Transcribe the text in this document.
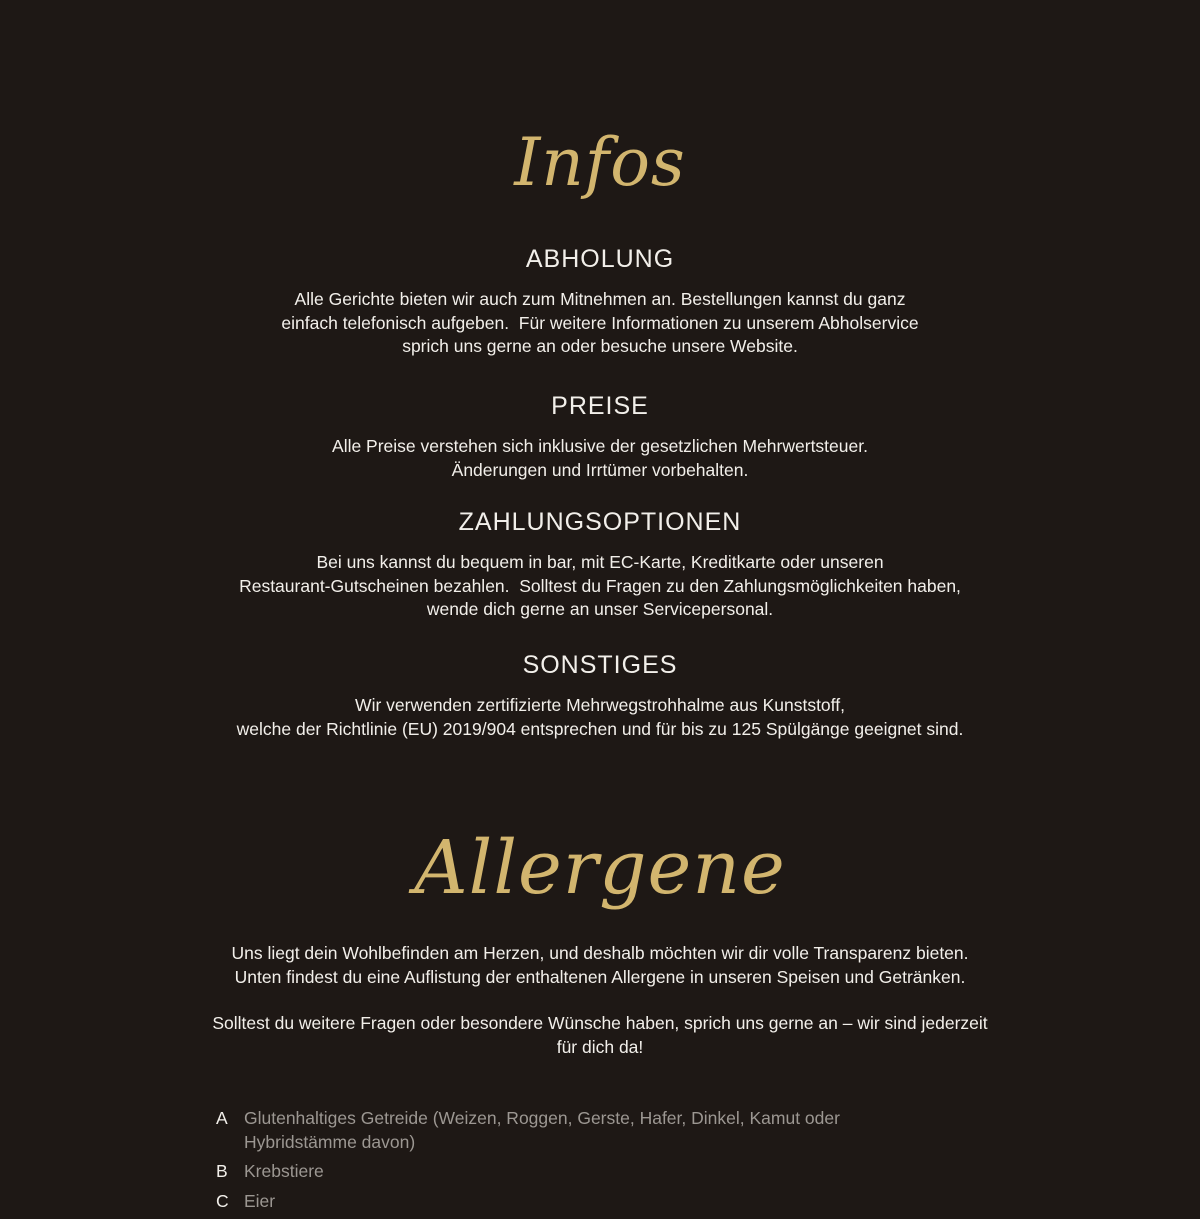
Infos
ABHOLUNG
Alle Gerichte bieten wir auch zum Mitnehmen an. Bestellungen kannst du ganz
einfach telefonisch aufgeben.  Für weitere Informationen zu unserem Abholservice
sprich uns gerne an oder besuche unsere Website.
PREISE
Alle Preise verstehen sich inklusive der gesetzlichen Mehrwertsteuer.
Änderungen und Irrtümer vorbehalten.
ZAHLUNGSOPTIONEN
Bei uns kannst du bequem in bar, mit EC-Karte, Kreditkarte oder unseren
Restaurant-Gutscheinen bezahlen.  Solltest du Fragen zu den Zahlungsmöglichkeiten haben,
wende dich gerne an unser Servicepersonal.
SONSTIGES
Wir verwenden zertifizierte Mehrwegstrohhalme aus Kunststoff,
welche der Richtlinie (EU) 2019/904 entsprechen und für bis zu 125 Spülgänge geeignet sind.
Allergene
Uns liegt dein Wohlbefinden am Herzen, und deshalb möchten wir dir volle Transparenz bieten.
Unten findest du eine Auflistung der enthaltenen Allergene in unseren Speisen und Getränken.
Solltest du weitere Fragen oder besondere Wünsche haben, sprich uns gerne an – wir sind jederzeit
für dich da!
A Glutenhaltiges Getreide (Weizen, Roggen, Gerste, Hafer, Dinkel, Kamut oder
Hybridstämme davon)
B Krebstiere
C Eier
